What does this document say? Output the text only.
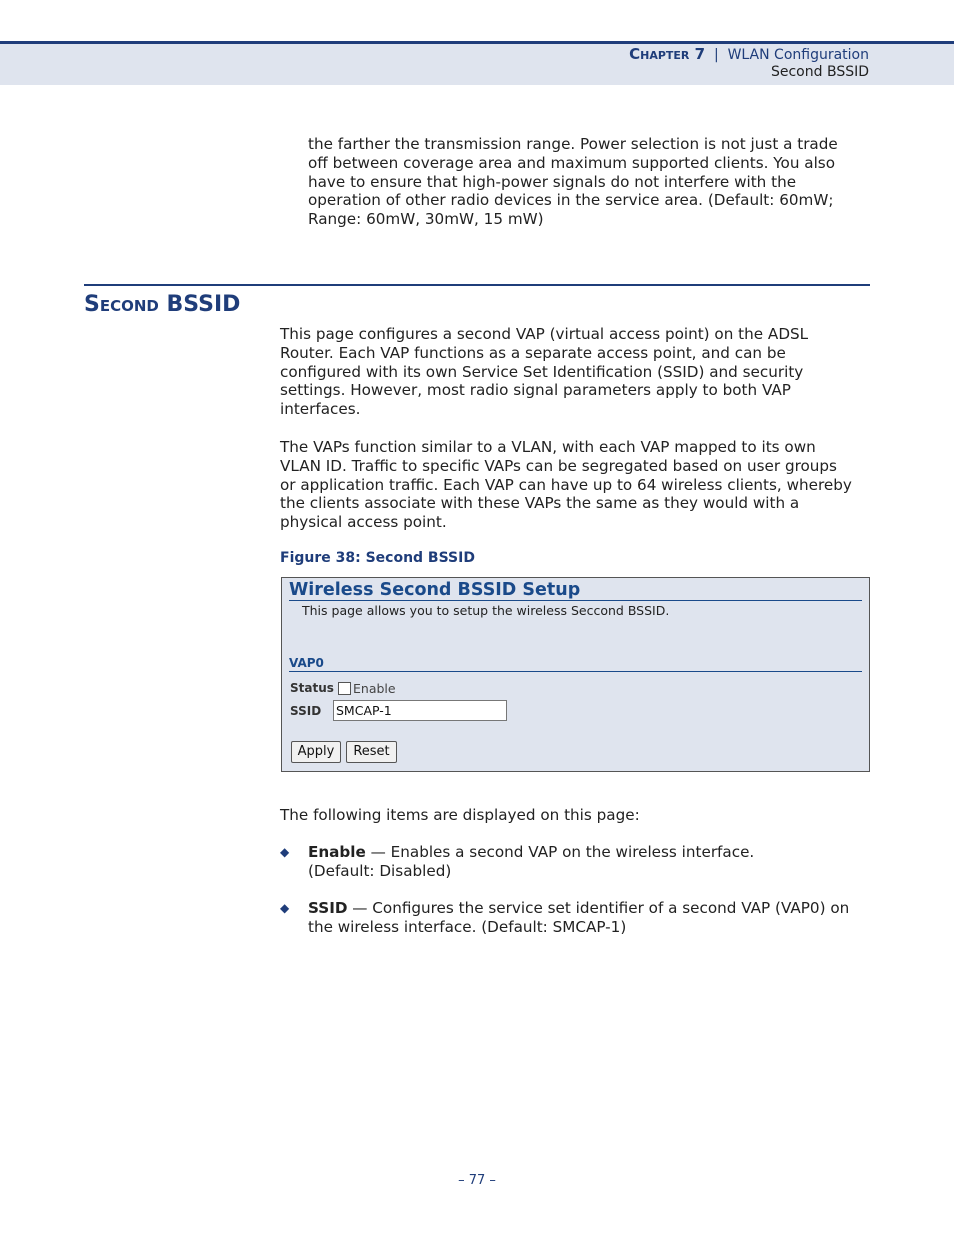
Chapter 7 | WLAN Configuration
Second BSSID
the farther the transmission range. Power selection is not just a trade
off between coverage area and maximum supported clients. You also
have to ensure that high-power signals do not interfere with the
operation of other radio devices in the service area. (Default: 60mW;
Range: 60mW, 30mW, 15 mW)
Second BSSID
This page configures a second VAP (virtual access point) on the ADSL
Router. Each VAP functions as a separate access point, and can be
configured with its own Service Set Identification (SSID) and security
settings. However, most radio signal parameters apply to both VAP
interfaces.
The VAPs function similar to a VLAN, with each VAP mapped to its own
VLAN ID. Traffic to specific VAPs can be segregated based on user groups
or application traffic. Each VAP can have up to 64 wireless clients, whereby
the clients associate with these VAPs the same as they would with a
physical access point.
Figure 38: Second BSSID
Wireless Second BSSID Setup
This page allows you to setup the wireless Seccond BSSID.
VAP0
Status Enable
SSID SMCAP-1
Apply	Reset
The following items are displayed on this page:
◆ Enable — Enables a second VAP on the wireless interface.
(Default: Disabled)
◆ SSID — Configures the service set identifier of a second VAP (VAP0) on
the wireless interface. (Default: SMCAP-1)
– 77 –
